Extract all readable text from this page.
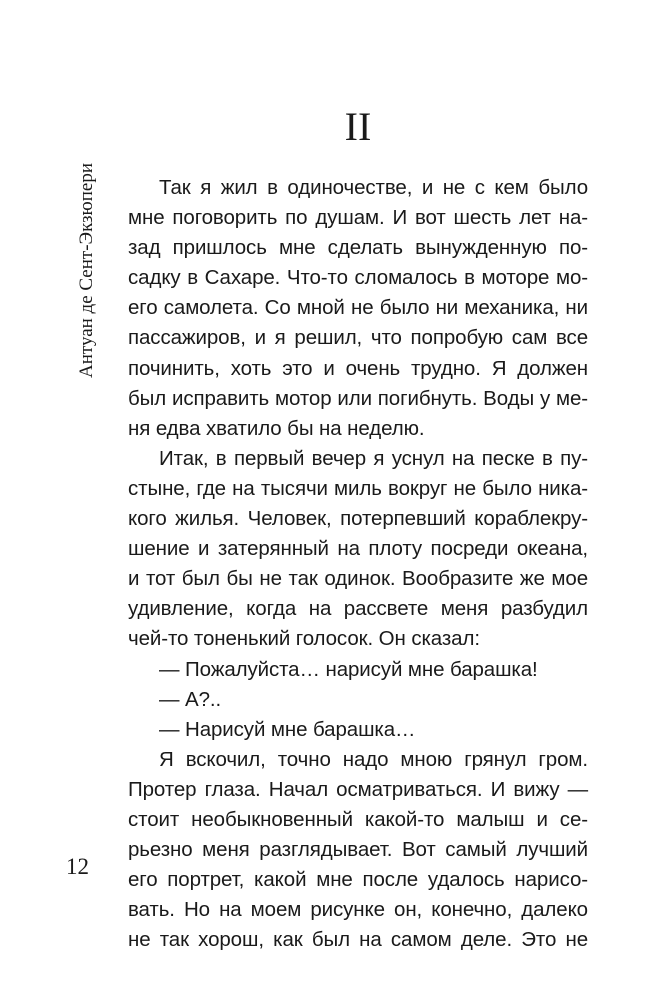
Антуан де Сент-Экзюпери
II
Так я жил в одиночестве, и не с кем было
мне поговорить по душам. И вот шесть лет на-
зад пришлось мне сделать вынужденную по-
садку в Сахаре. Что-то сломалось в моторе мо-
его самолета. Со мной не было ни механика, ни
пассажиров, и я решил, что попробую сам все
починить, хоть это и очень трудно. Я должен
был исправить мотор или погибнуть. Воды у ме-
ня едва хватило бы на неделю.
Итак, в первый вечер я уснул на песке в пу-
стыне, где на тысячи миль вокруг не было ника-
кого жилья. Человек, потерпевший кораблекру-
шение и затерянный на плоту посреди океана,
и тот был бы не так одинок. Вообразите же мое
удивление, когда на рассвете меня разбудил
чей-то тоненький голосок. Он сказал:
— Пожалуйста… нарисуй мне барашка!
— А?..
— Нарисуй мне барашка…
Я вскочил, точно надо мною грянул гром.
Протер глаза. Начал осматриваться. И вижу —
стоит необыкновенный какой-то малыш и се-
рьезно меня разглядывает. Вот самый лучший
его портрет, какой мне после удалось нарисо-
вать. Но на моем рисунке он, конечно, далеко
не так хорош, как был на самом деле. Это не
12
